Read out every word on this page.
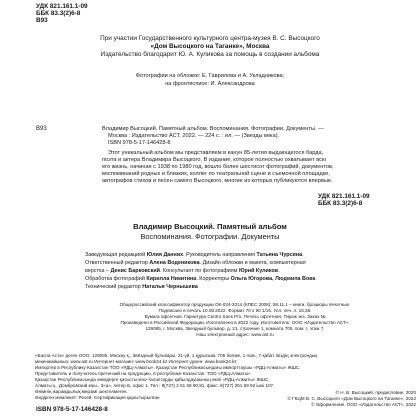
УДК 821.161.1-09
ББК 83.3(2)6-8
В93
При участии Государственного культурного центра-музея В. С. Высоцкого
«Дом Высоцкого на Таганке», Москва
Издательство благодарит Ю. А. Куликова за помощь в создании альбома
Фотографии на обложке: Е. Гаврилова и А. Укладникова;
на фронтисписе: И. Александрова
В93	Владимир Высоцкий. Памятный альбом. Воспоминания. Фотографии. Документы. —
Москва : Издательство АСТ, 2022. — 224 с. : ил. — (Звезды века).
ISBN 978-5-17-146428-8
Этот уникальный альбом мы представляем в канун 85-летия выдающегося барда,
поэта и актера Владимира Высоцкого. В издание, которое полностью охватывает всю
его жизнь, начиная с 1938 по 1980 год, вошло более шестисот фотографий, документов,
воспоминаний родных и близких, коллег по театральной сцене и съемочной площадке,
автографов стихов и песен самого Высоцкого, многие из которых публикуются впервые.
УДК 821.161.1-09
ББК 83.3(2)6-8
Владимир Высоцкий. Памятный альбом
Воспоминания. Фотографии. Документы
Заведующая редакцией Юлия Данних. Руководитель направления Татьяна Чурсина.
Ответственный редактор Алена Воденикова. Дизайн обложки и макета, компьютерная
верстка – Денис Барковский. Консультант по фотографиям Юрий Куликов.
Обработка фотографий Кирилла Никитина. Корректоры Ольга Югорова, Людмила Вовк.
Технический редактор Наталья Чернышева
Общероссийский классификатор продукции ОК-034-2014 (КПЕС 2008); 58.11.1 – книги, брошюры печатные.
Подписано в печать 10.08.2022. Формат 70 x 90 1/16. Усл. печ. л. 16,38.
Бумага офсетная. Гарнитура Centro Sans Pro. Печать офсетная. Тираж экз. Заказ №
Произведено в Российской Федерации. Изготовлено в 2022 году. Изготовитель: ООО «Издательство АСТ».
129085, г. Москва, Звездный бульвар, д. 21, строение 1, комната 705, пом. I, этаж 7.
Наш электронный адрес: www.ast.ru
«Баспа Аста» деген ООО. 129085, Мәскеу қ., Звёздный бульвары, 21-үй, 1 құрылым, 705 бөлме, 1 пом., 7-қабат. Біздің электрондық
мекенжайымыз: www.ast.ru Интернет-магазин: www.book24.kz Интернет-дүкен: www.book24.kz
Импортер в Республику Казахстан ТОО «РДЦ-Алматы». Қазақстан Республикасындағы импорттаушы «РДЦ-Алматы» ЖШС.
Представитель и получатель претензий на продукцию, в республике Казахстан: ТОО «РДЦ-Алматы»
Қазақстан Республикасында өнімдерге қатысты кінә-талаптарды қабылдаушының өкілі «РДЦ-Алматы» ЖШС,
Алматы қ., Домбровский көш., 3«а», литер Б, офис 1. Тел.: 8(727) 2 51 59 90,91, факс: 8(727) 251 59 92 ішкі 107.
Өнімнің жарамдылық мерзімі шектелмеген.
Өндірген мемлекет: Ресей. Сертификация қарастырылған
ISBN 978-5-17-146428-8
© Н. В. Высоцкий, предисловие, 2020
© ГКЦМ В. С. Высоцкого «Дом Высоцкого на Таганке», 2022
© Оформление. ООО «Издательство АСТ», 2022
